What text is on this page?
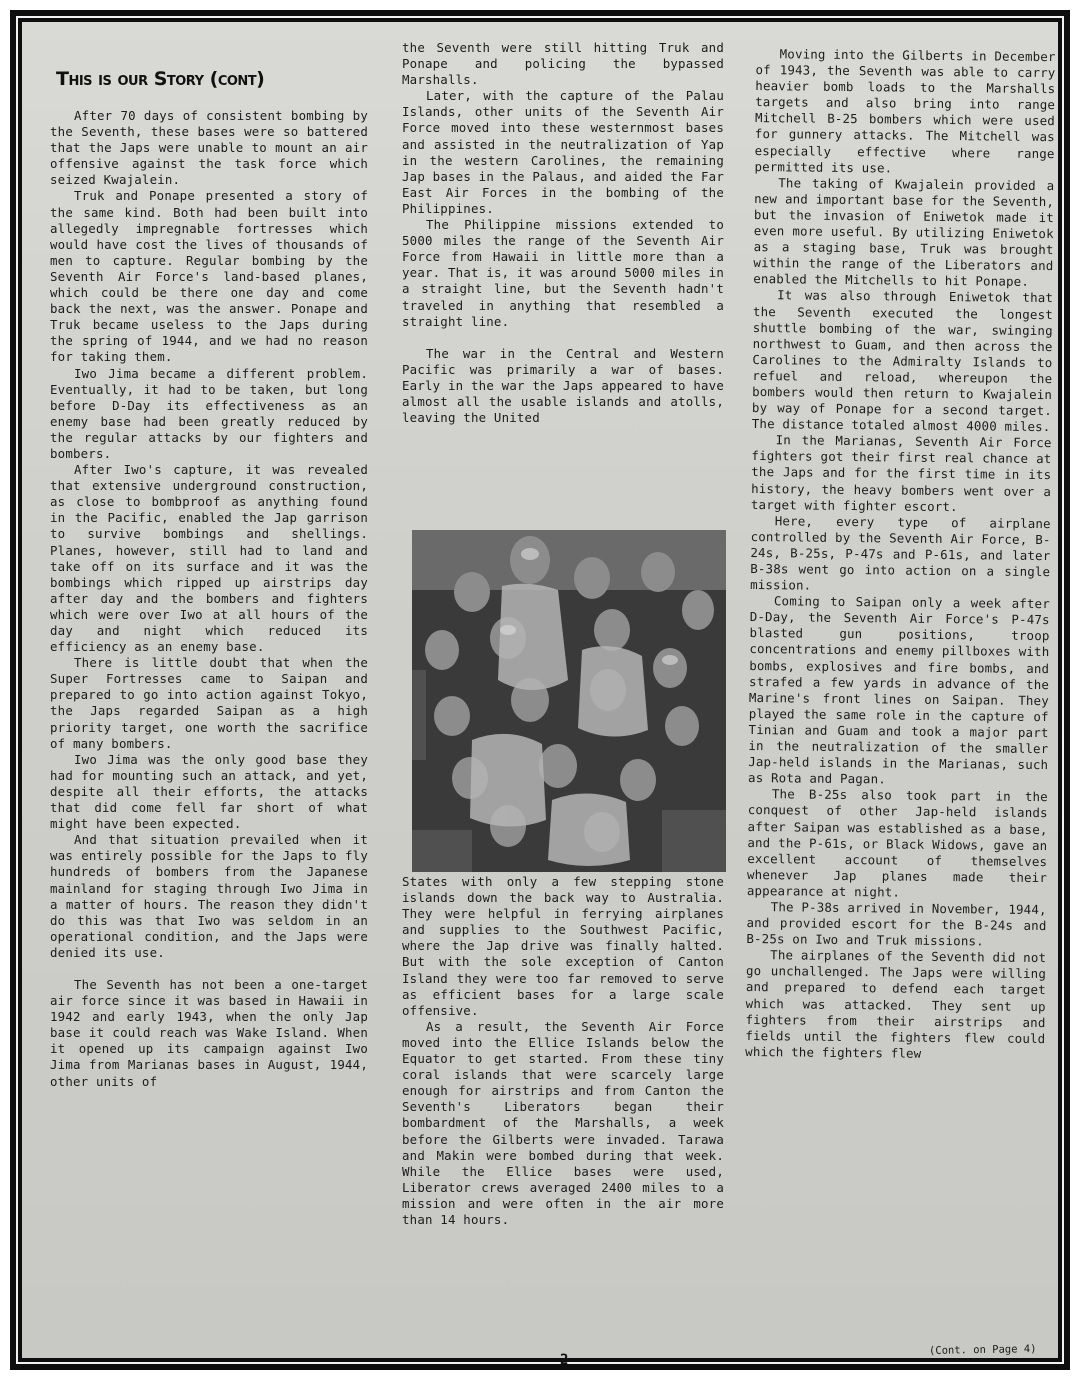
This is our Story (cont)

After 70 days of consistent bombing by the Seventh, these bases were so battered that the Japs were unable to mount an air offensive against the task force which seized Kwajalein.

Truk and Ponape presented a story of the same kind. Both had been built into allegedly impregnable fortresses which would have cost the lives of thousands of men to capture. Regular bombing by the Seventh Air Force's land-based planes, which could be there one day and come back the next, was the answer. Ponape and Truk became useless to the Japs during the spring of 1944, and we had no reason for taking them.

Iwo Jima became a different problem. Eventually, it had to be taken, but long before D-Day its effectiveness as an enemy base had been greatly reduced by the regular attacks by our fighters and bombers.

After Iwo's capture, it was revealed that extensive underground construction, as close to bombproof as anything found in the Pacific, enabled the Jap garrison to survive bombings and shellings. Planes, however, still had to land and take off on its surface and it was the bombings which ripped up airstrips day after day and the bombers and fighters which were over Iwo at all hours of the day and night which reduced its efficiency as an enemy base.

There is little doubt that when the Super Fortresses came to Saipan and prepared to go into action against Tokyo, the Japs regarded Saipan as a high priority target, one worth the sacrifice of many bombers.

Iwo Jima was the only good base they had for mounting such an attack, and yet, despite all their efforts, the attacks that did come fell far short of what might have been expected.

And that situation prevailed when it was entirely possible for the Japs to fly hundreds of bombers from the Japanese mainland for staging through Iwo Jima in a matter of hours. The reason they didn't do this was that Iwo was seldom in an operational condition, and the Japs were denied its use.

The Seventh has not been a one-target air force since it was based in Hawaii in 1942 and early 1943, when the only Jap base it could reach was Wake Island. When it opened up its campaign against Iwo Jima from Marianas bases in August, 1944, other units of

the Seventh were still hitting Truk and Ponape and policing the bypassed Marshalls.

Later, with the capture of the Palau Islands, other units of the Seventh Air Force moved into these westernmost bases and assisted in the neutralization of Yap in the western Carolines, the remaining Jap bases in the Palaus, and aided the Far East Air Forces in the bombing of the Philippines.

The Philippine missions extended to 5000 miles the range of the Seventh Air Force from Hawaii in little more than a year. That is, it was around 5000 miles in a straight line, but the Seventh hadn't traveled in anything that resembled a straight line.

The war in the Central and Western Pacific was primarily a war of bases. Early in the war the Japs appeared to have almost all the usable islands and atolls, leaving the United

States with only a few stepping stone islands down the back way to Australia. They were helpful in ferrying airplanes and supplies to the Southwest Pacific, where the Jap drive was finally halted. But with the sole exception of Canton Island they were too far removed to serve as efficient bases for a large scale offensive.

As a result, the Seventh Air Force moved into the Ellice Islands below the Equator to get started. From these tiny coral islands that were scarcely large enough for airstrips and from Canton the Seventh's Liberators began their bombardment of the Marshalls, a week before the Gilberts were invaded. Tarawa and Makin were bombed during that week. While the Ellice bases were used, Liberator crews averaged 2400 miles to a mission and were often in the air more than 14 hours.

Moving into the Gilberts in December of 1943, the Seventh was able to carry heavier bomb loads to the Marshalls targets and also bring into range Mitchell B-25 bombers which were used for gunnery attacks. The Mitchell was especially effective where range permitted its use.

The taking of Kwajalein provided a new and important base for the Seventh, but the invasion of Eniwetok made it even more useful. By utilizing Eniwetok as a staging base, Truk was brought within the range of the Liberators and enabled the Mitchells to hit Ponape.

It was also through Eniwetok that the Seventh executed the longest shuttle bombing of the war, swinging northwest to Guam, and then across the Carolines to the Admiralty Islands to refuel and reload, whereupon the bombers would then return to Kwajalein by way of Ponape for a second target. The distance totaled almost 4000 miles.

In the Marianas, Seventh Air Force fighters got their first real chance at the Japs and for the first time in its history, the heavy bombers went over a target with fighter escort.

Here, every type of airplane controlled by the Seventh Air Force, B-24s, B-25s, P-47s and P-61s, and later B-38s went go into action on a single mission.

Coming to Saipan only a week after D-Day, the Seventh Air Force's P-47s blasted gun positions, troop concentrations and enemy pillboxes with bombs, explosives and fire bombs, and strafed a few yards in advance of the Marine's front lines on Saipan. They played the same role in the capture of Tinian and Guam and took a major part in the neutralization of the smaller Jap-held islands in the Marianas, such as Rota and Pagan.

The B-25s also took part in the conquest of other Jap-held islands after Saipan was established as a base, and the P-61s, or Black Widows, gave an excellent account of themselves whenever Jap planes made their appearance at night.

The P-38s arrived in November, 1944, and provided escort for the B-24s and B-25s on Iwo and Truk missions.

The airplanes of the Seventh did not go unchallenged. The Japs were willing and prepared to defend each target which was attacked. They sent up fighters from their airstrips and fields until the fighters flew could which the fighters flew

2
(Cont. on Page 4)
